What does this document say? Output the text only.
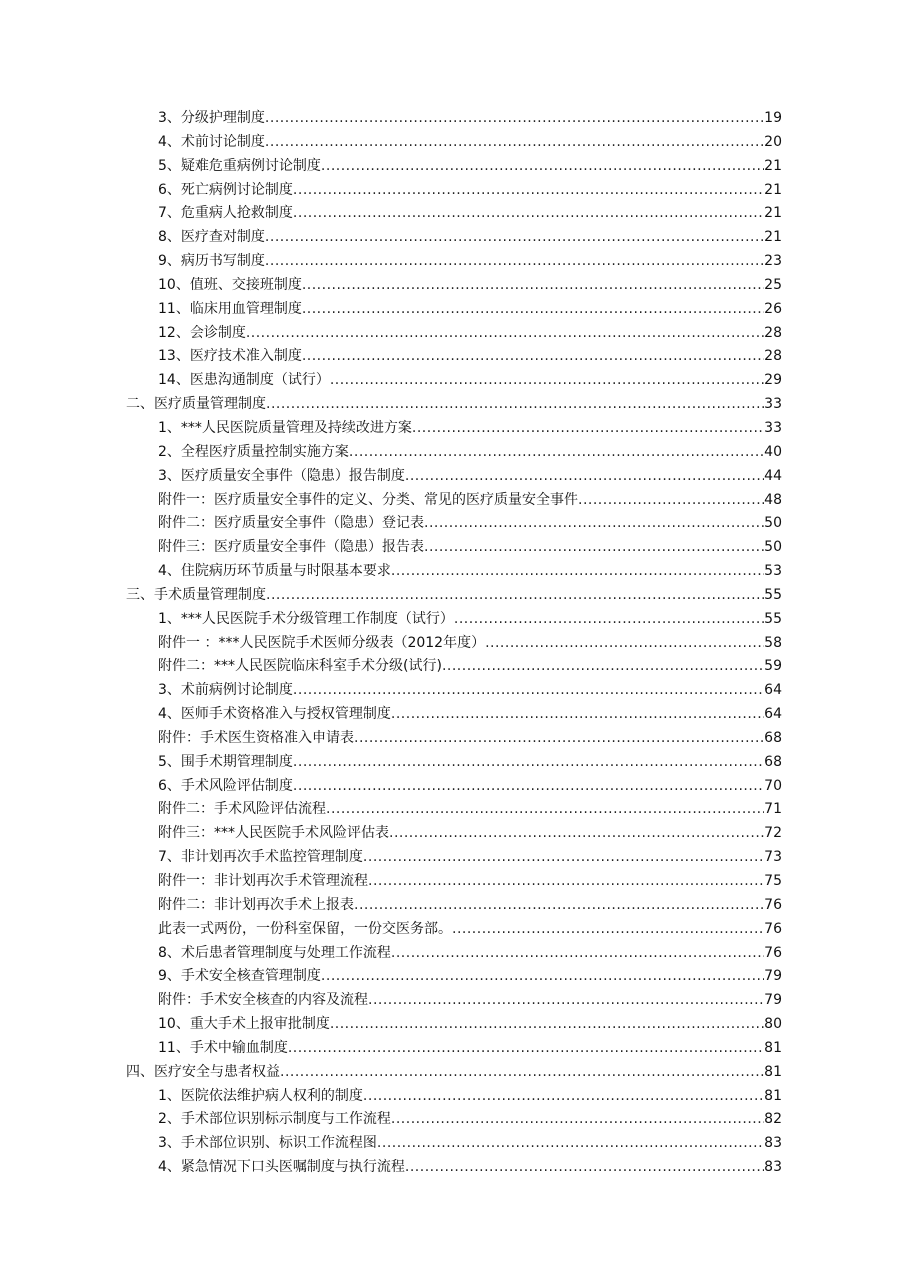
3、分级护理制度 .....	19
4、术前讨论制度 .....	20
5、疑难危重病例讨论制度 .....	21
6、死亡病例讨论制度 .....	21
7、危重病人抢救制度 .....	21
8、医疗查对制度 .....	21
9、病历书写制度 .....	23
10、值班、交接班制度 .....	25
11、临床用血管理制度 .....	26
12、会诊制度 .....	28
13、医疗技术准入制度 .....	28
14、医患沟通制度（试行） .....	29
二、医疗质量管理制度 .....	33
1、***人民医院质量管理及持续改进方案 .....	33
2、全程医疗质量控制实施方案 .....	40
3、医疗质量安全事件（隐患）报告制度 .....	44
附件一：医疗质量安全事件的定义、分类、常见的医疗质量安全事件 .....	48
附件二：医疗质量安全事件（隐患）登记表 .....	50
附件三：医疗质量安全事件（隐患）报告表 .....	50
4、住院病历环节质量与时限基本要求 .....	53
三、手术质量管理制度 .....	55
1、***人民医院手术分级管理工作制度（试行） .....	55
附件一 ：***人民医院手术医师分级表（2012年度） .....	58
附件二：***人民医院临床科室手术分级(试行) .....	59
3、术前病例讨论制度 .....	64
4、医师手术资格准入与授权管理制度 .....	64
附件：手术医生资格准入申请表 .....	68
5、围手术期管理制度 .....	68
6、手术风险评估制度 .....	70
附件二：手术风险评估流程 .....	71
附件三：***人民医院手术风险评估表 .....	72
7、非计划再次手术监控管理制度 .....	73
附件一：非计划再次手术管理流程 .....	75
附件二：非计划再次手术上报表 .....	76
此表一式两份，一份科室保留，一份交医务部。 .....	76
8、术后患者管理制度与处理工作流程 .....	76
9、手术安全核查管理制度 .....	79
附件：手术安全核查的内容及流程 .....	79
10、重大手术上报审批制度 .....	80
11、手术中输血制度 .....	81
四、医疗安全与患者权益 .....	81
1、医院依法维护病人权利的制度 .....	81
2、手术部位识别标示制度与工作流程 .....	82
3、手术部位识别、标识工作流程图 .....	83
4、紧急情况下口头医嘱制度与执行流程 .....	83
